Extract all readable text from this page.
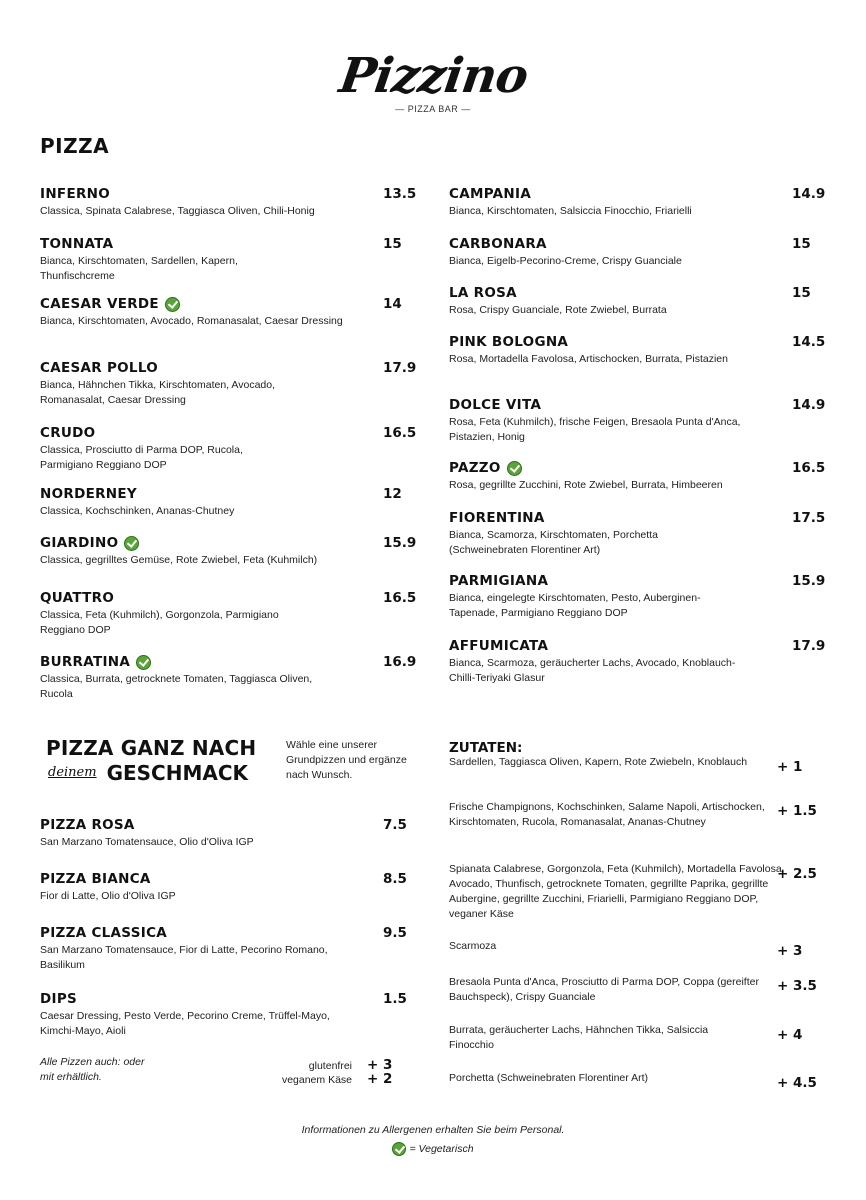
Pizzino
— PIZZA BAR —
PIZZA
INFERNO	13.5
Classica, Spinata Calabrese, Taggiasca Oliven, Chili-Honig
TONNATA	15
Bianca, Kirschtomaten, Sardellen, Kapern, Thunfischcreme
CAESAR VERDE	14
Bianca, Kirschtomaten, Avocado, Romanasalat, Caesar Dressing
CAESAR POLLO	17.9
Bianca, Hähnchen Tikka, Kirschtomaten, Avocado, Romanasalat, Caesar Dressing
CRUDO	16.5
Classica, Prosciutto di Parma DOP, Rucola, Parmigiano Reggiano DOP
NORDERNEY	12
Classica, Kochschinken, Ananas-Chutney
GIARDINO	15.9
Classica, gegrilltes Gemüse, Rote Zwiebel, Feta (Kuhmilch)
QUATTRO	16.5
Classica, Feta (Kuhmilch), Gorgonzola, Parmigiano Reggiano DOP
BURRATINA	16.9
Classica, Burrata, getrocknete Tomaten, Taggiasca Oliven, Rucola
CAMPANIA	14.9
Bianca, Kirschtomaten, Salsiccia Finocchio, Friarielli
CARBONARA	15
Bianca, Eigelb-Pecorino-Creme, Crispy Guanciale
LA ROSA	15
Rosa, Crispy Guanciale, Rote Zwiebel, Burrata
PINK BOLOGNA	14.5
Rosa, Mortadella Favolosa, Artischocken, Burrata, Pistazien
DOLCE VITA	14.9
Rosa, Feta (Kuhmilch), frische Feigen, Bresaola Punta d'Anca, Pistazien, Honig
PAZZO	16.5
Rosa, gegrillte Zucchini, Rote Zwiebel, Burrata, Himbeeren
FIORENTINA	17.5
Bianca, Scamorza, Kirschtomaten, Porchetta (Schweinebraten Florentiner Art)
PARMIGIANA	15.9
Bianca, eingelegte Kirschtomaten, Pesto, Auberginen-Tapenade, Parmigiano Reggiano DOP
AFFUMICATA	17.9
Bianca, Scarmoza, geräucherter Lachs, Avocado, Knoblauch-Chilli-Teriyaki Glasur
PIZZA GANZ NACH
deinem GESCHMACK
Wähle eine unserer Grundpizzen und ergänze nach Wunsch.
PIZZA ROSA	7.5
San Marzano Tomatensauce, Olio d'Oliva IGP
PIZZA BIANCA	8.5
Fior di Latte, Olio d'Oliva IGP
PIZZA CLASSICA	9.5
San Marzano Tomatensauce, Fior di Latte, Pecorino Romano, Basilikum
DIPS	1.5
Caesar Dressing, Pesto Verde, Pecorino Creme, Trüffel-Mayo, Kimchi-Mayo, Aioli
Alle Pizzen auch: oder mit erhältlich.
glutenfrei + 3
veganem Käse + 2
ZUTATEN:
Sardellen, Taggiasca Oliven, Kapern, Rote Zwiebeln, Knoblauch	+ 1
Frische Champignons, Kochschinken, Salame Napoli, Artischocken, Kirschtomaten, Rucola, Romanasalat, Ananas-Chutney
+ 1.5
Spianata Calabrese, Gorgonzola, Feta (Kuhmilch), Mortadella Favolosa, Avocado, Thunfisch, getrocknete Tomaten, gegrillte Paprika, gegrillte Aubergine, gegrillte Zucchini, Friarielli, Parmigiano Reggiano DOP, veganer Käse
+ 2.5
Scarmoza	+ 3
Bresaola Punta d'Anca, Prosciutto di Parma DOP, Coppa (gereifter Bauchspeck), Crispy Guanciale
+ 3.5
Burrata, geräucherter Lachs, Hähnchen Tikka, Salsiccia Finocchio
+ 4
Porchetta (Schweinebraten Florentiner Art)	+ 4.5
Informationen zu Allergenen erhalten Sie beim Personal.
= Vegetarisch
